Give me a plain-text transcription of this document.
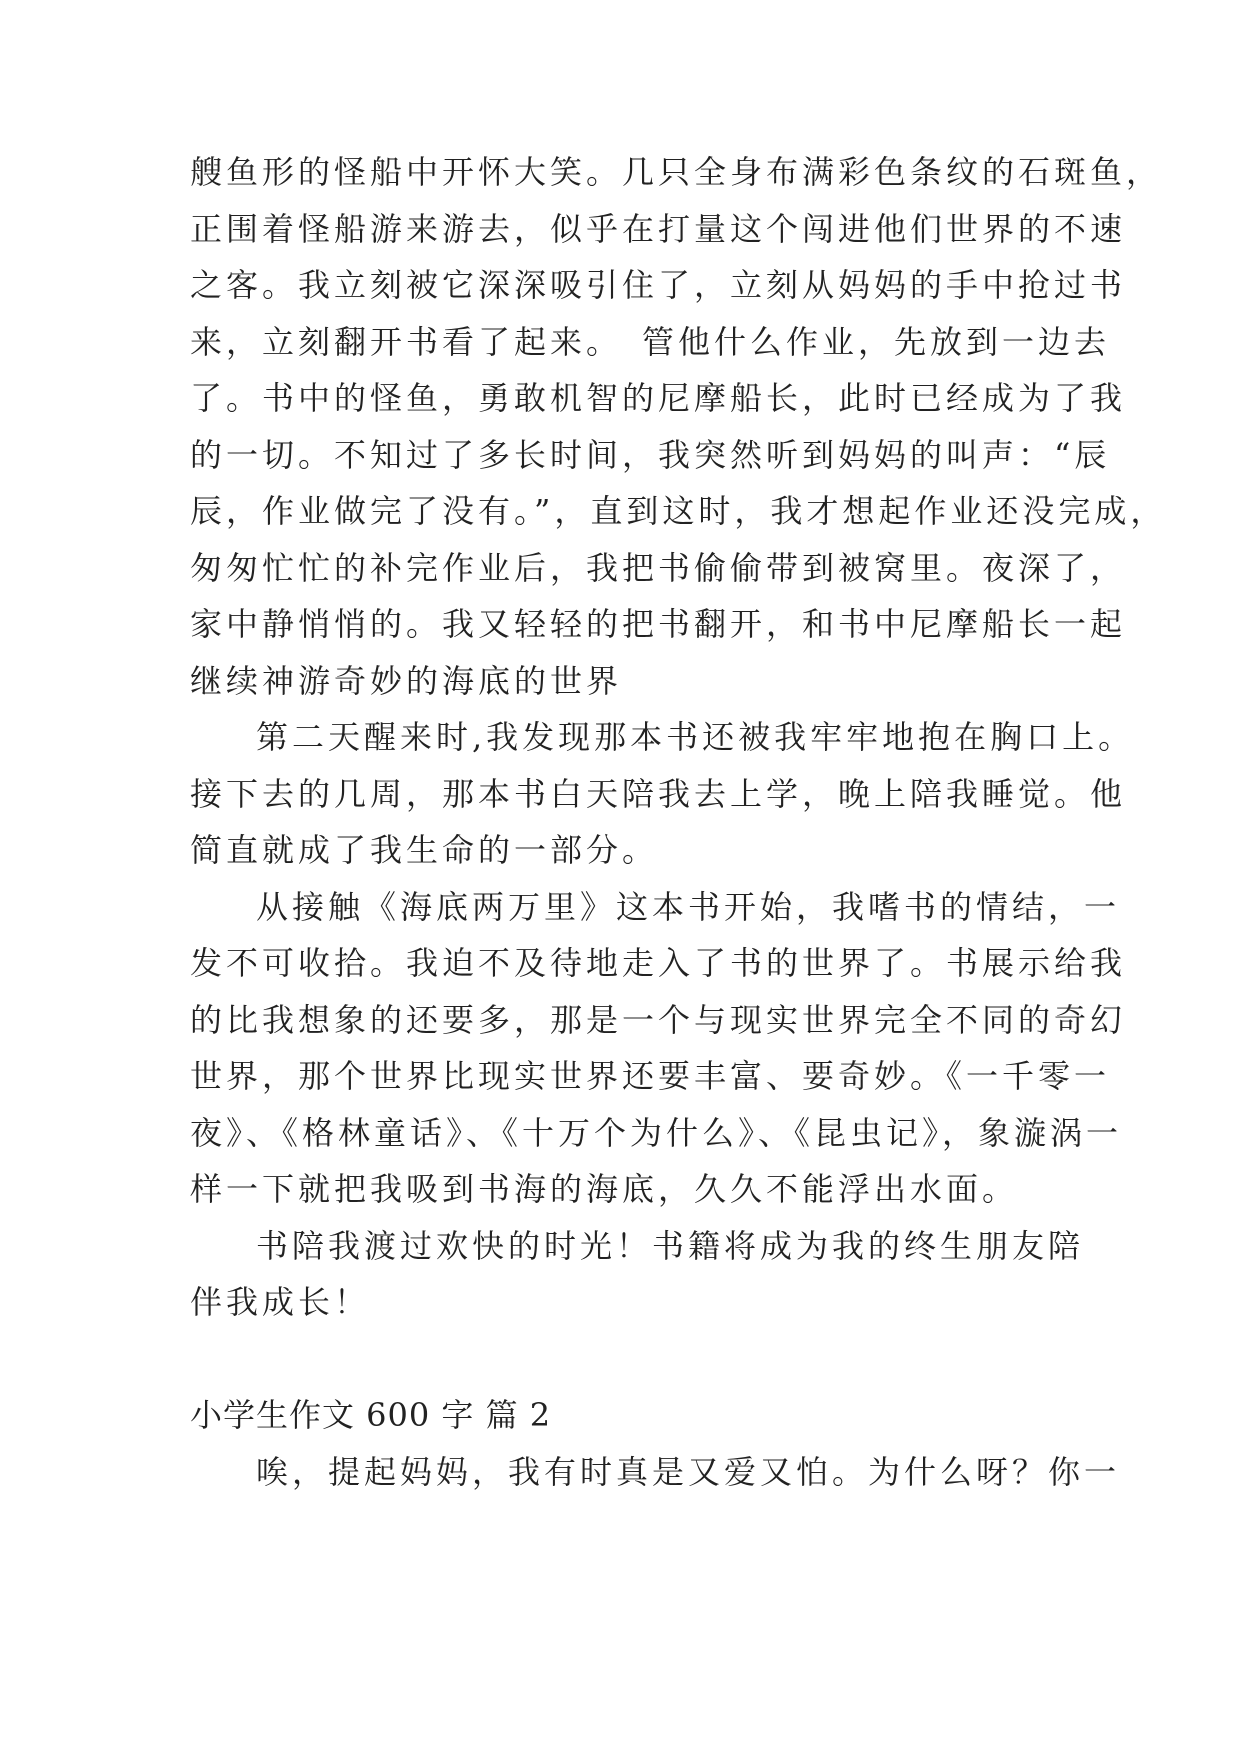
艘鱼形的怪船中开怀大笑。几只全身布满彩色条纹的石斑鱼，
正围着怪船游来游去，似乎在打量这个闯进他们世界的不速
之客。我立刻被它深深吸引住了，立刻从妈妈的手中抢过书
来，立刻翻开书看了起来。　管他什么作业，先放到一边去
了。书中的怪鱼，勇敢机智的尼摩船长，此时已经成为了我
的一切。不知过了多长时间，我突然听到妈妈的叫声：“辰
辰，作业做完了没有。”，直到这时，我才想起作业还没完成，
匆匆忙忙的补完作业后，我把书偷偷带到被窝里。夜深了，
家中静悄悄的。我又轻轻的把书翻开，和书中尼摩船长一起
继续神游奇妙的海底的世界
第二天醒来时,我发现那本书还被我牢牢地抱在胸口上。
接下去的几周，那本书白天陪我去上学，晚上陪我睡觉。他
简直就成了我生命的一部分。
从接触《海底两万里》这本书开始，我嗜书的情结，一
发不可收拾。我迫不及待地走入了书的世界了。书展示给我
的比我想象的还要多，那是一个与现实世界完全不同的奇幻
世界，那个世界比现实世界还要丰富、要奇妙。《一千零一
夜》、《格林童话》、《十万个为什么》、《昆虫记》，象漩涡一
样一下就把我吸到书海的海底，久久不能浮出水面。
书陪我渡过欢快的时光！书籍将成为我的终生朋友陪
伴我成长！
小学生作文 600 字 篇 2
唉，提起妈妈，我有时真是又爱又怕。为什么呀？你一
